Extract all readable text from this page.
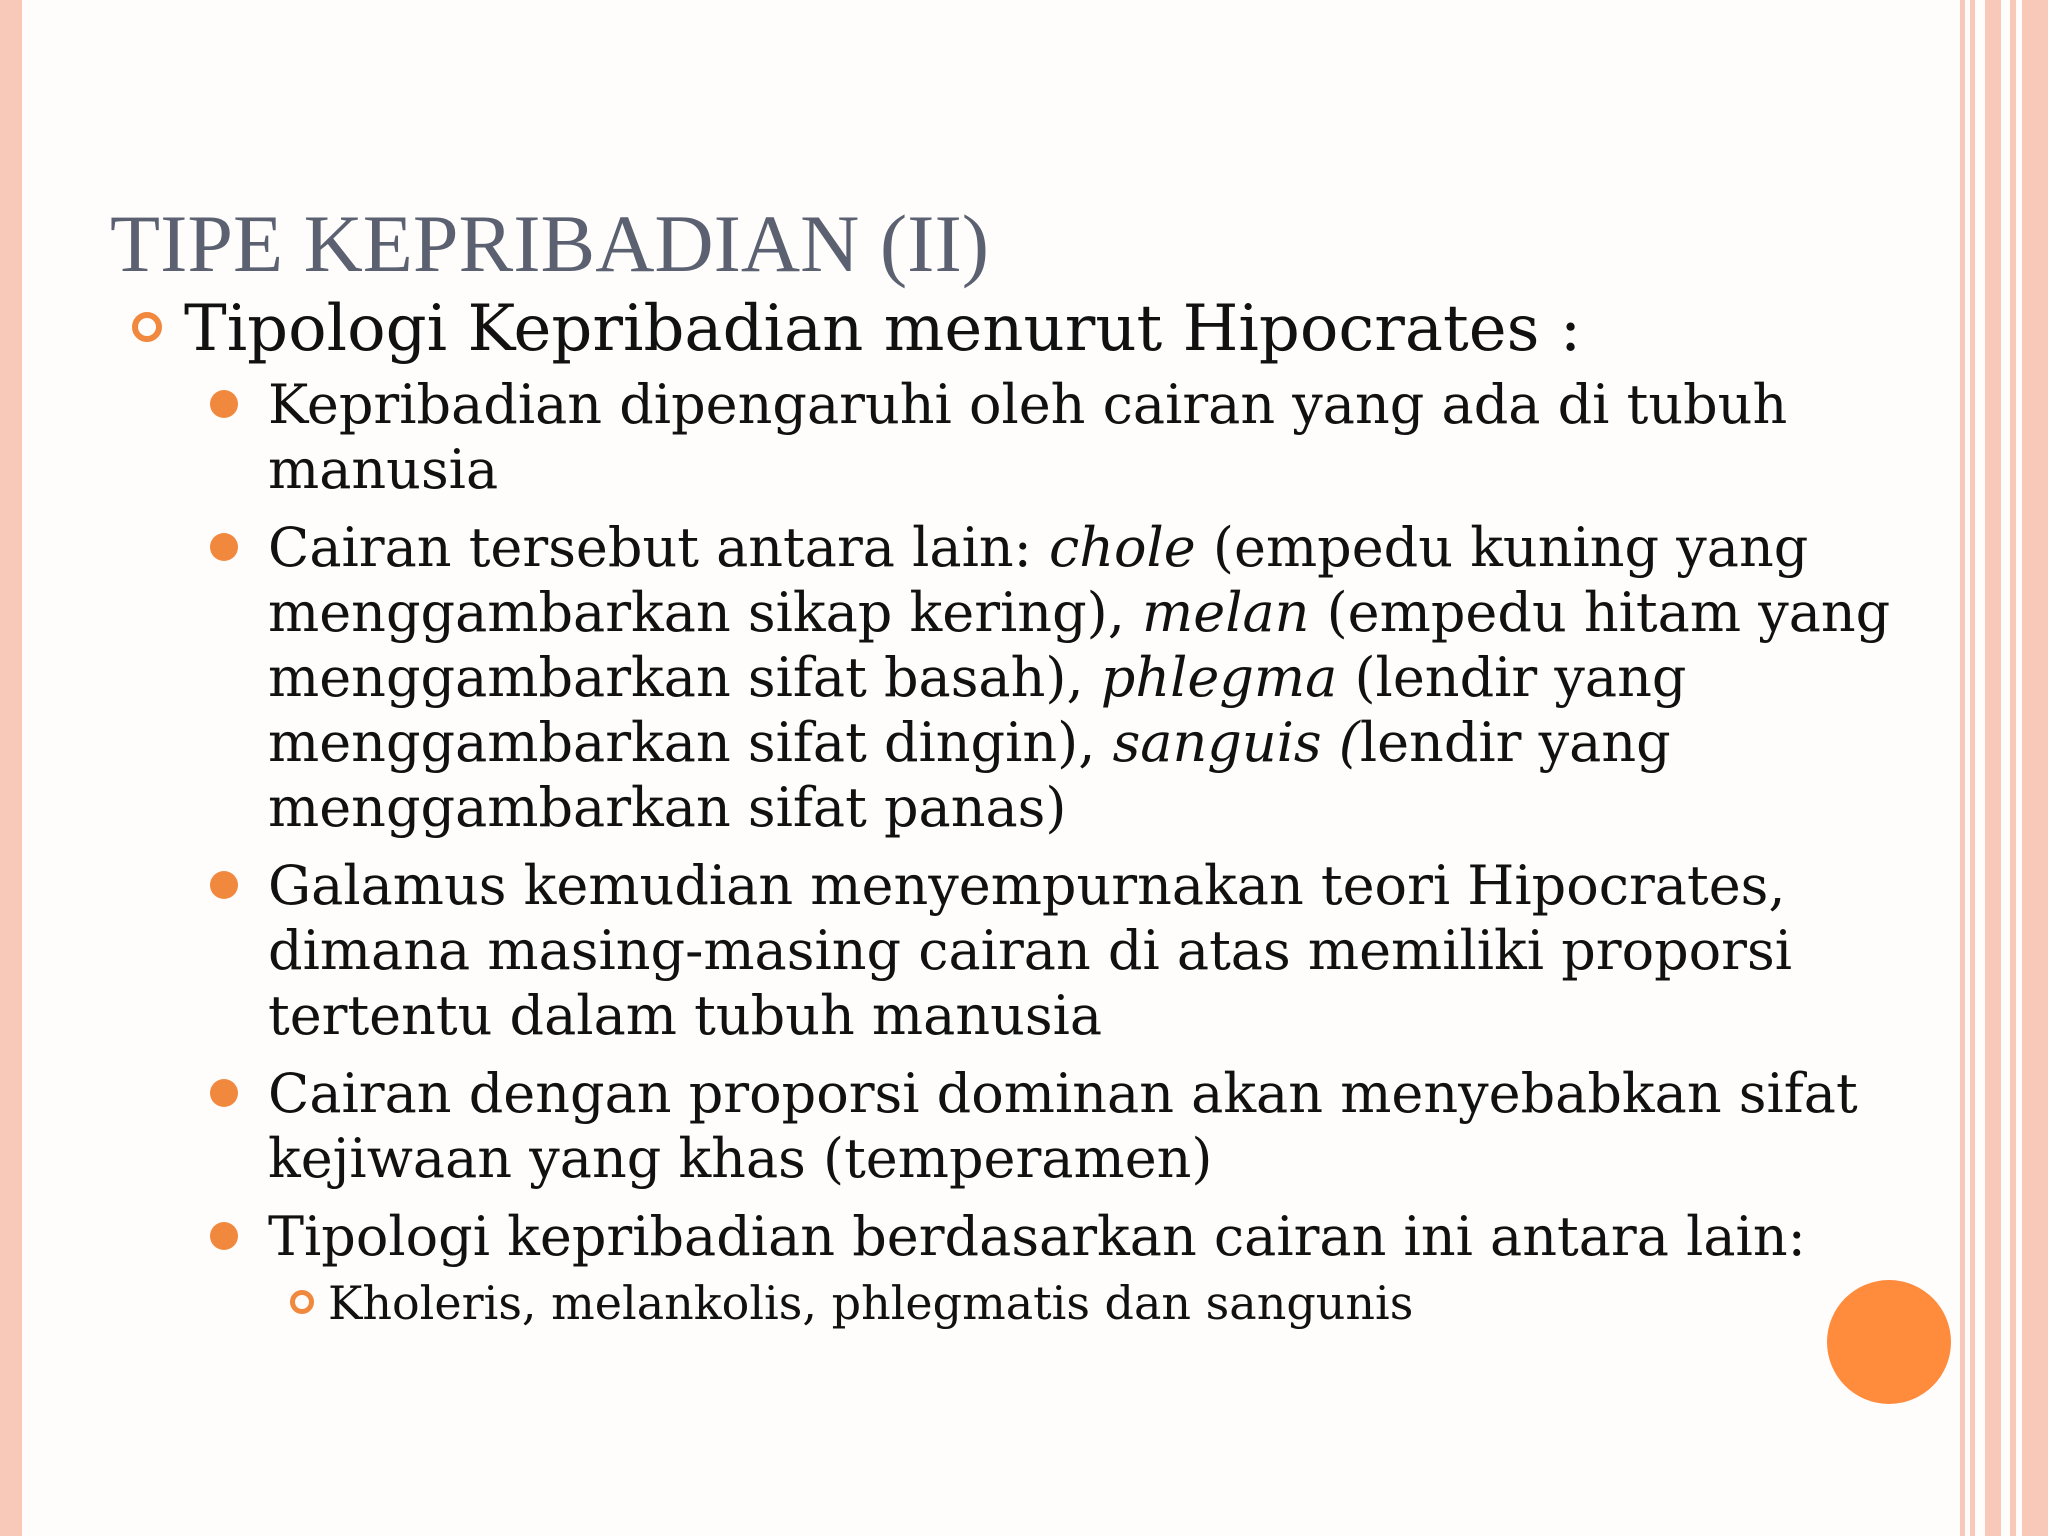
TIPE KEPRIBADIAN (II)
Tipologi Kepribadian menurut Hipocrates :
Kepribadian dipengaruhi oleh cairan yang ada di tubuh
manusia
Cairan tersebut antara lain: chole (empedu kuning yang
menggambarkan sikap kering), melan (empedu hitam yang
menggambarkan sifat basah), phlegma (lendir yang
menggambarkan sifat dingin), sanguis (lendir yang
menggambarkan sifat panas)
Galamus kemudian menyempurnakan teori Hipocrates,
dimana masing-masing cairan di atas memiliki proporsi
tertentu dalam tubuh manusia
Cairan dengan proporsi dominan akan menyebabkan sifat
kejiwaan yang khas (temperamen)
Tipologi kepribadian berdasarkan cairan ini antara lain:
Kholeris, melankolis, phlegmatis dan sangunis
